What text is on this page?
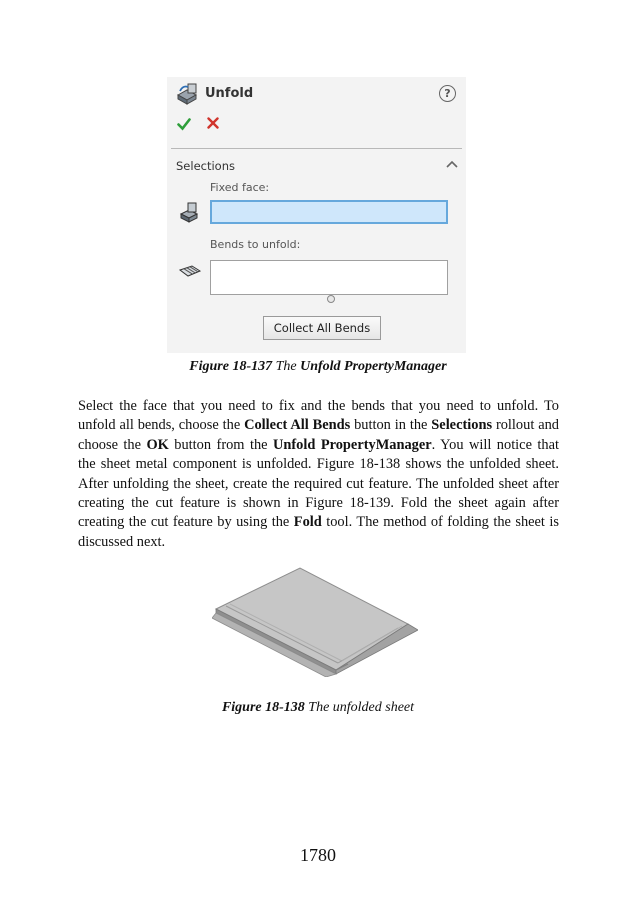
Unfold	?
Selections
Fixed face:
Bends to unfold:
Collect All Bends
Figure 18-137 The Unfold PropertyManager
Select the face that you need to fix and the bends that you need to unfold. To unfold all bends, choose the Collect All Bends button in the Selections rollout and choose the OK button from the Unfold PropertyManager. You will notice that the sheet metal component is unfolded. Figure 18-138 shows the unfolded sheet. After unfolding the sheet, create the required cut feature. The unfolded sheet after creating the cut feature is shown in Figure 18-139. Fold the sheet again after creating the cut feature by using the Fold tool. The method of folding the sheet is discussed next.
Figure 18-138 The unfolded sheet
1780
